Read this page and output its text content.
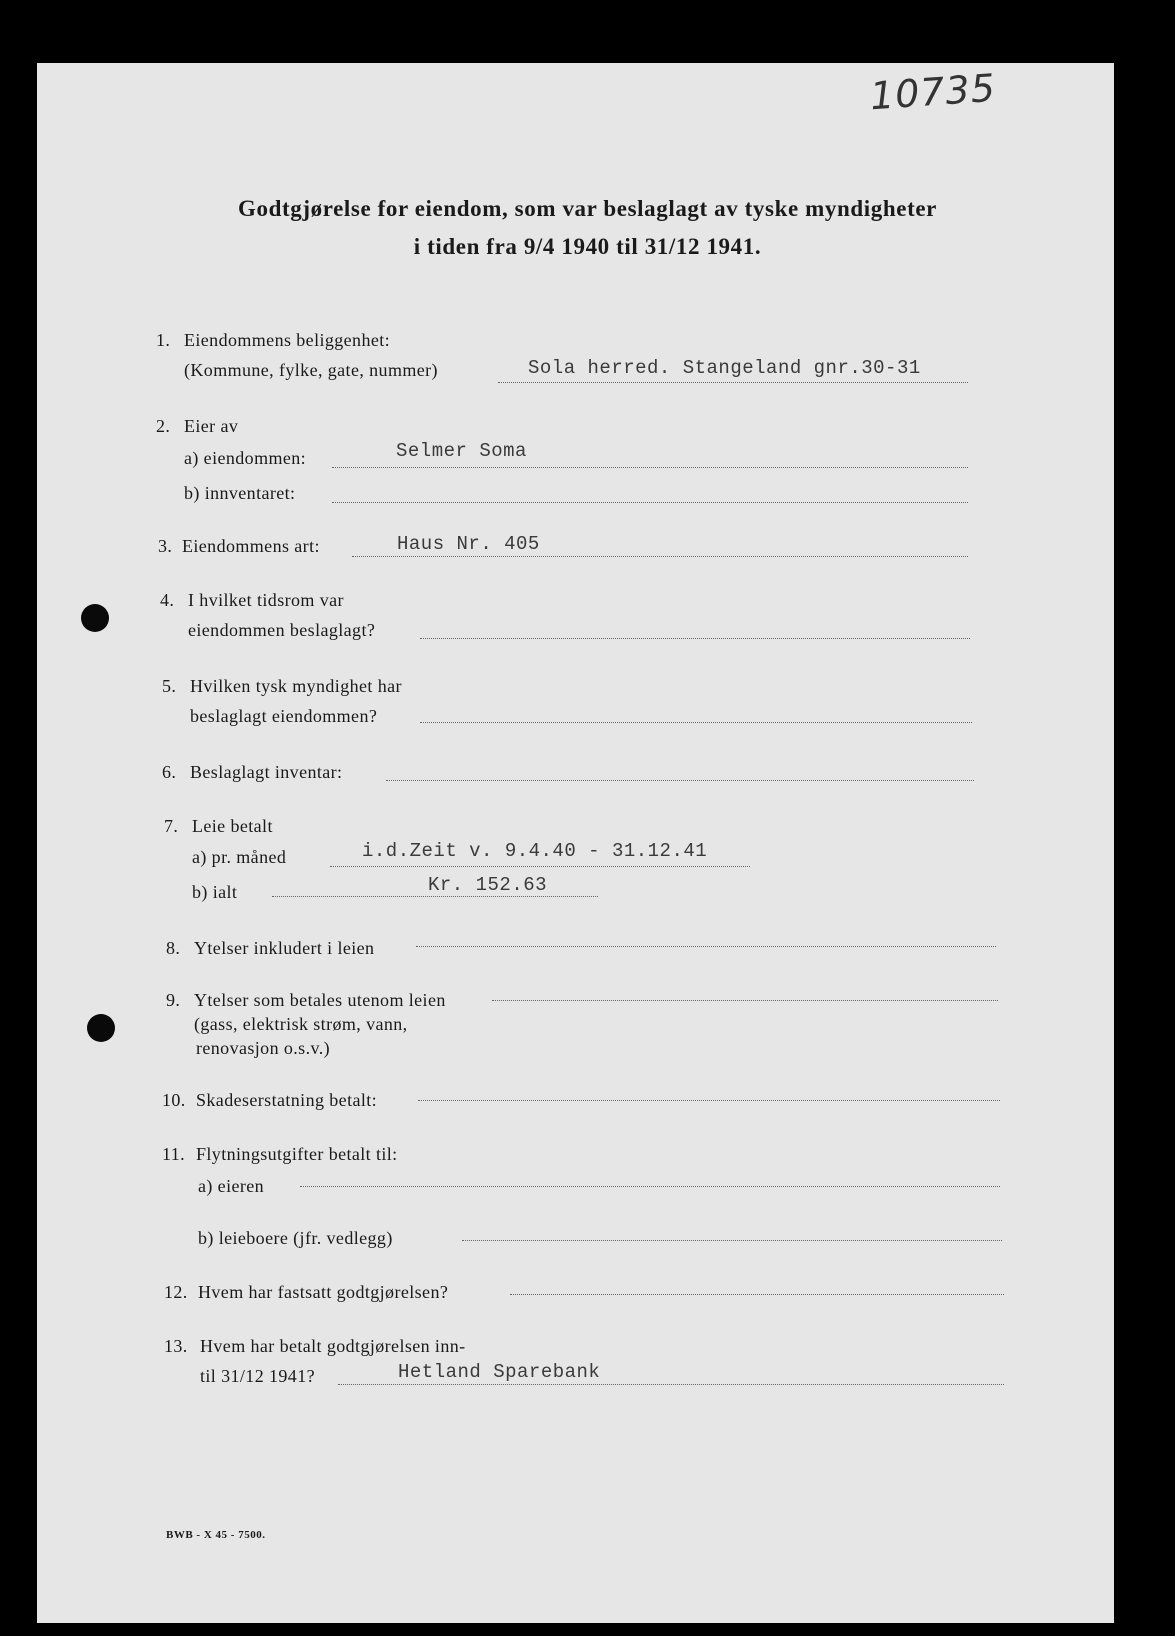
10735
Godtgjørelse for eiendom, som var beslaglagt av tyske myndigheter
i tiden fra 9/4 1940 til 31/12 1941.
1. Eiendommens beliggenhet:
(Kommune, fylke, gate, nummer)	Sola herred. Stangeland gnr.30-31
2. Eier av
a) eiendommen:	Selmer Soma
b) innventaret:
3. Eiendommens art:	Haus Nr. 405
4. I hvilket tidsrom var
eiendommen beslaglagt?
5. Hvilken tysk myndighet har
beslaglagt eiendommen?
6. Beslaglagt inventar:
7. Leie betalt
a) pr. måned	i.d.Zeit v. 9.4.40 - 31.12.41
b) ialt	Kr. 152.63
8. Ytelser inkludert i leien
9. Ytelser som betales utenom leien
(gass, elektrisk strøm, vann,
renovasjon o.s.v.)
10. Skadeserstatning betalt:
11. Flytningsutgifter betalt til:
a) eieren
b) leieboere (jfr. vedlegg)
12. Hvem har fastsatt godtgjørelsen?
13. Hvem har betalt godtgjørelsen inn-
til 31/12 1941?	Hetland Sparebank
BWB - X 45 - 7500.
